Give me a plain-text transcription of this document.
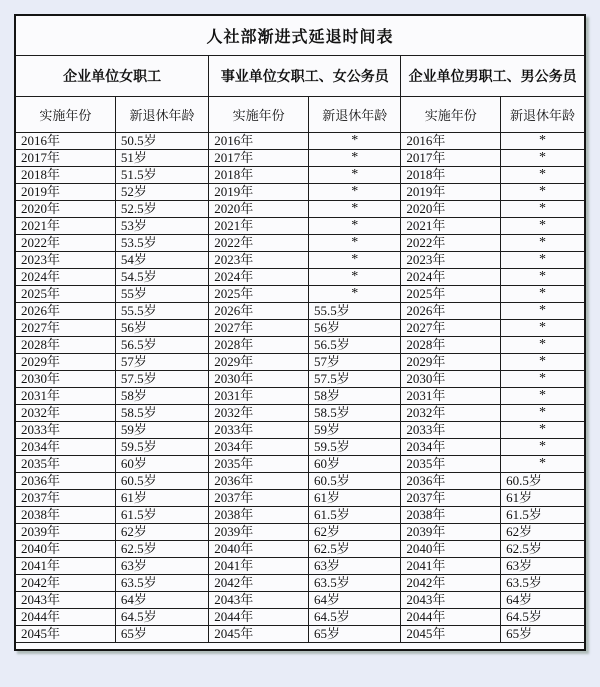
人社部渐进式延退时间表					
企业单位女职工		事业单位女职工、女公务员		企业单位男职工、男公务员	
实施年份	新退休年龄	实施年份	新退休年龄	实施年份	新退休年龄
2016年	50.5岁	2016年	*	2016年	*
2017年	51岁	2017年	*	2017年	*
2018年	51.5岁	2018年	*	2018年	*
2019年	52岁	2019年	*	2019年	*
2020年	52.5岁	2020年	*	2020年	*
2021年	53岁	2021年	*	2021年	*
2022年	53.5岁	2022年	*	2022年	*
2023年	54岁	2023年	*	2023年	*
2024年	54.5岁	2024年	*	2024年	*
2025年	55岁	2025年	*	2025年	*
2026年	55.5岁	2026年	55.5岁	2026年	*
2027年	56岁	2027年	56岁	2027年	*
2028年	56.5岁	2028年	56.5岁	2028年	*
2029年	57岁	2029年	57岁	2029年	*
2030年	57.5岁	2030年	57.5岁	2030年	*
2031年	58岁	2031年	58岁	2031年	*
2032年	58.5岁	2032年	58.5岁	2032年	*
2033年	59岁	2033年	59岁	2033年	*
2034年	59.5岁	2034年	59.5岁	2034年	*
2035年	60岁	2035年	60岁	2035年	*
2036年	60.5岁	2036年	60.5岁	2036年	60.5岁
2037年	61岁	2037年	61岁	2037年	61岁
2038年	61.5岁	2038年	61.5岁	2038年	61.5岁
2039年	62岁	2039年	62岁	2039年	62岁
2040年	62.5岁	2040年	62.5岁	2040年	62.5岁
2041年	63岁	2041年	63岁	2041年	63岁
2042年	63.5岁	2042年	63.5岁	2042年	63.5岁
2043年	64岁	2043年	64岁	2043年	64岁
2044年	64.5岁	2044年	64.5岁	2044年	64.5岁
2045年	65岁	2045年	65岁	2045年	65岁
